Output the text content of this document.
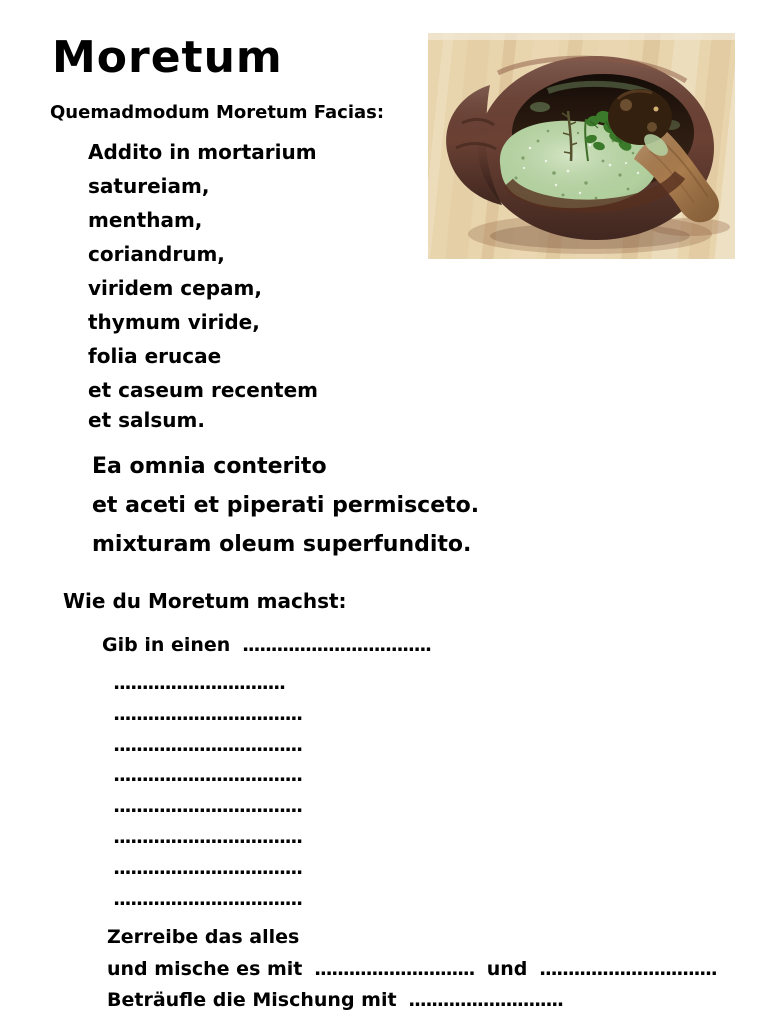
Moretum
Quemadmodum Moretum Facias:
Addito in mortarium
satureiam,
mentham,
coriandrum,
viridem cepam,
thymum viride,
folia erucae
et caseum recentem
et salsum.
Ea omnia conterito
et aceti et piperati permisceto.
mixturam oleum superfundito.
Wie du Moretum machst:
Gib in einen .................................
..............................
.................................
.................................
.................................
.................................
.................................
.................................
.................................
Zerreibe das alles
und mische es mit ............................ und ...............................
Beträufle die Mischung mit ...........................
